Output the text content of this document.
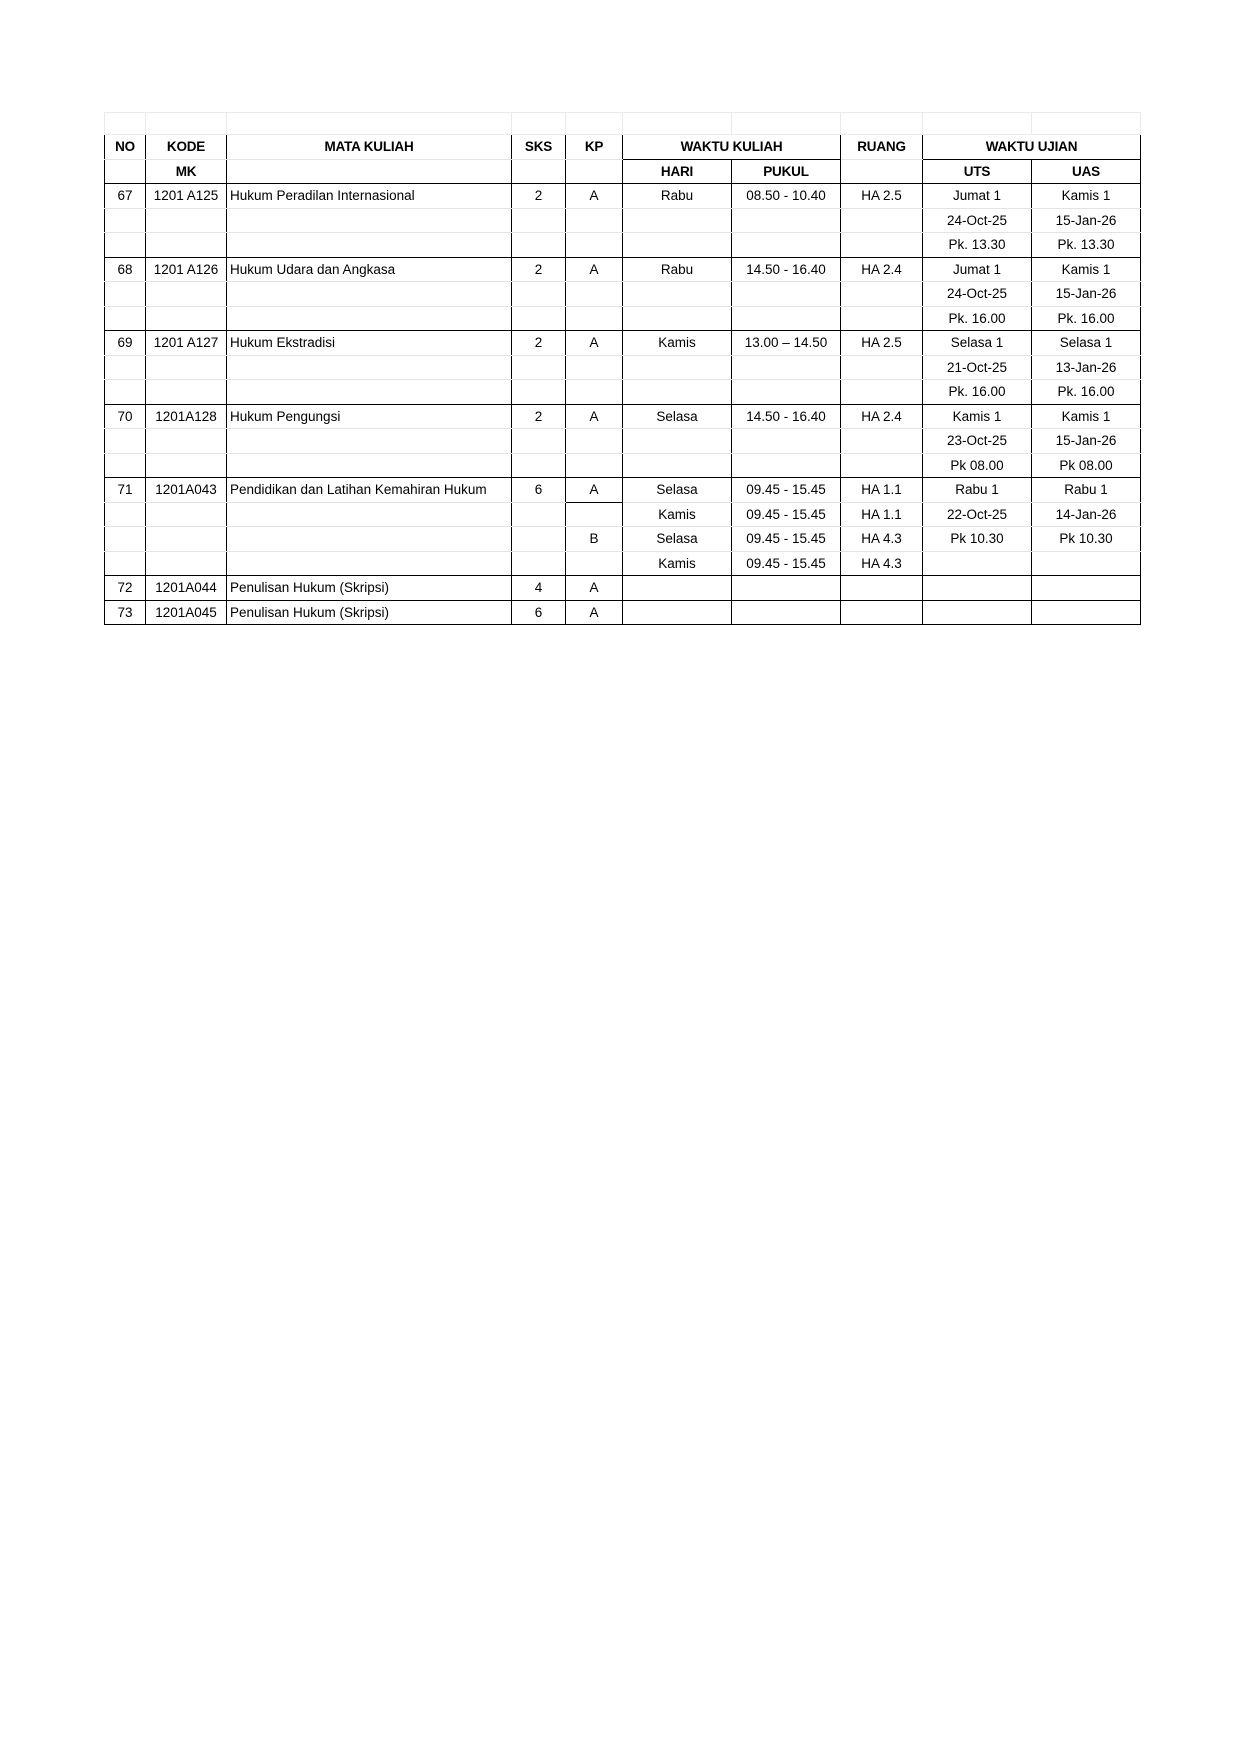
NO	KODE	MATA KULIAH	SKS	KP	WAKTU KULIAH		RUANG	WAKTU UJIAN	
	MK				HARI	PUKUL		UTS	UAS
67	1201 A125	Hukum Peradilan Internasional	2	A	Rabu	08.50 - 10.40	HA 2.5	Jumat 1	Kamis 1
								24-Oct-25	15-Jan-26
								Pk. 13.30	Pk. 13.30
68	1201 A126	Hukum Udara dan Angkasa	2	A	Rabu	14.50 - 16.40	HA 2.4	Jumat 1	Kamis 1
								24-Oct-25	15-Jan-26
								Pk. 16.00	Pk. 16.00
69	1201 A127	Hukum Ekstradisi	2	A	Kamis	13.00 – 14.50	HA 2.5	Selasa 1	Selasa 1
								21-Oct-25	13-Jan-26
								Pk. 16.00	Pk. 16.00
70	1201A128	Hukum Pengungsi	2	A	Selasa	14.50 - 16.40	HA 2.4	Kamis 1	Kamis 1
								23-Oct-25	15-Jan-26
								Pk 08.00	Pk 08.00
71	1201A043	Pendidikan dan Latihan Kemahiran Hukum	6	A	Selasa	09.45 - 15.45	HA 1.1	Rabu 1	Rabu 1
					Kamis	09.45 - 15.45	HA 1.1	22-Oct-25	14-Jan-26
				B	Selasa	09.45 - 15.45	HA 4.3	Pk 10.30	Pk 10.30
					Kamis	09.45 - 15.45	HA 4.3		
72	1201A044	Penulisan Hukum (Skripsi)	4	A					
73	1201A045	Penulisan Hukum (Skripsi)	6	A					
